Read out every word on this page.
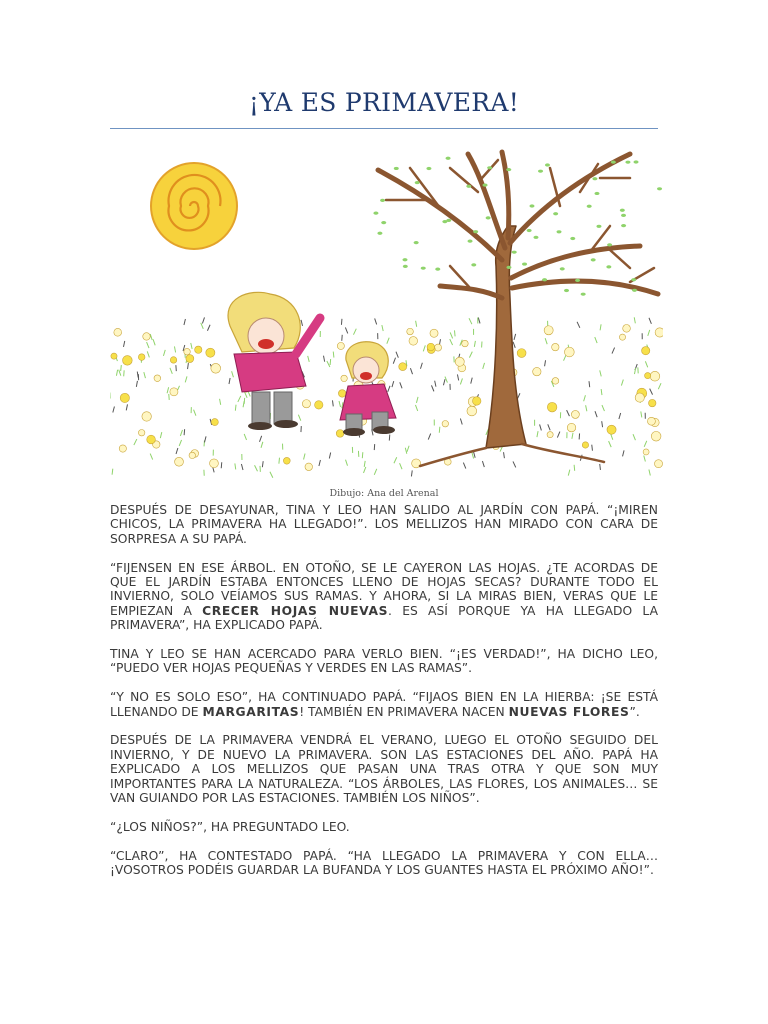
¡YA ES PRIMAVERA!
Dibujo: Ana del Arenal

DESPUÉS DE DESAYUNAR, TINA Y LEO HAN SALIDO AL JARDÍN CON PAPÁ. “¡MIREN CHICOS, LA PRIMAVERA HA LLEGADO!”. LOS MELLIZOS HAN MIRADO CON CARA DE SORPRESA A SU PAPÁ.

“FIJENSEN EN ESE ÁRBOL. EN OTOÑO, SE LE CAYERON LAS HOJAS. ¿TE ACORDAS DE QUE EL JARDÍN ESTABA ENTONCES LLENO DE HOJAS SECAS? DURANTE TODO EL INVIERNO, SOLO VEÍAMOS SUS RAMAS. Y AHORA, SI LA MIRAS BIEN, VERAS QUE LE EMPIEZAN A CRECER HOJAS NUEVAS. ES ASÍ PORQUE YA HA LLEGADO LA PRIMAVERA”, HA EXPLICADO PAPÁ.

TINA Y LEO SE HAN ACERCADO PARA VERLO BIEN. “¡ES VERDAD!”, HA DICHO LEO, “PUEDO VER HOJAS PEQUEÑAS Y VERDES EN LAS RAMAS”.

“Y NO ES SOLO ESO”, HA CONTINUADO PAPÁ. “FIJAOS BIEN EN LA HIERBA: ¡SE ESTÁ LLENANDO DE MARGARITAS! TAMBIÉN EN PRIMAVERA NACEN NUEVAS FLORES”.

DESPUÉS DE LA PRIMAVERA VENDRÁ EL VERANO, LUEGO EL OTOÑO SEGUIDO DEL INVIERNO, Y DE NUEVO LA PRIMAVERA. SON LAS ESTACIONES DEL AÑO. PAPÁ HA EXPLICADO A LOS MELLIZOS QUE PASAN UNA TRAS OTRA Y QUE SON MUY IMPORTANTES PARA LA NATURALEZA. “LOS ÁRBOLES, LAS FLORES, LOS ANIMALES… SE VAN GUIANDO POR LAS ESTACIONES. TAMBIÉN LOS NIÑOS”.

“¿LOS NIÑOS?”, HA PREGUNTADO LEO.

“CLARO”, HA CONTESTADO PAPÁ. “HA LLEGADO LA PRIMAVERA Y CON ELLA… ¡VOSOTROS PODÉIS GUARDAR LA BUFANDA Y LOS GUANTES HASTA EL PRÓXIMO AÑO!”.
